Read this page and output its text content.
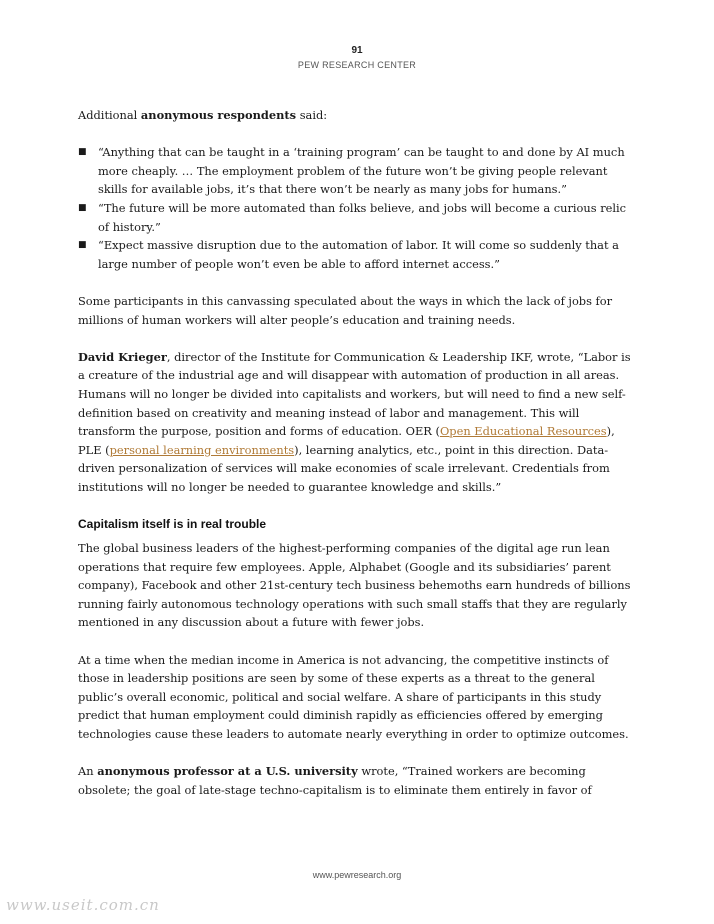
91
PEW RESEARCH CENTER

Additional anonymous respondents said:

■ “Anything that can be taught in a ‘training program’ can be taught to and done by AI much more cheaply. … The employment problem of the future won’t be giving people relevant skills for available jobs, it’s that there won’t be nearly as many jobs for humans.”
■ “The future will be more automated than folks believe, and jobs will become a curious relic of history.”
■ “Expect massive disruption due to the automation of labor. It will come so suddenly that a large number of people won’t even be able to afford internet access.”

Some participants in this canvassing speculated about the ways in which the lack of jobs for millions of human workers will alter people’s education and training needs.

David Krieger, director of the Institute for Communication & Leadership IKF, wrote, “Labor is a creature of the industrial age and will disappear with automation of production in all areas. Humans will no longer be divided into capitalists and workers, but will need to find a new self-definition based on creativity and meaning instead of labor and management. This will transform the purpose, position and forms of education. OER (Open Educational Resources), PLE (personal learning environments), learning analytics, etc., point in this direction. Data-driven personalization of services will make economies of scale irrelevant. Credentials from institutions will no longer be needed to guarantee knowledge and skills.”

Capitalism itself is in real trouble

The global business leaders of the highest-performing companies of the digital age run lean operations that require few employees. Apple, Alphabet (Google and its subsidiaries’ parent company), Facebook and other 21st-century tech business behemoths earn hundreds of billions running fairly autonomous technology operations with such small staffs that they are regularly mentioned in any discussion about a future with fewer jobs.

At a time when the median income in America is not advancing, the competitive instincts of those in leadership positions are seen by some of these experts as a threat to the general public’s overall economic, political and social welfare. A share of participants in this study predict that human employment could diminish rapidly as efficiencies offered by emerging technologies cause these leaders to automate nearly everything in order to optimize outcomes.

An anonymous professor at a U.S. university wrote, “Trained workers are becoming obsolete; the goal of late-stage techno-capitalism is to eliminate them entirely in favor of

www.pewresearch.org
www.useit.com.cn
